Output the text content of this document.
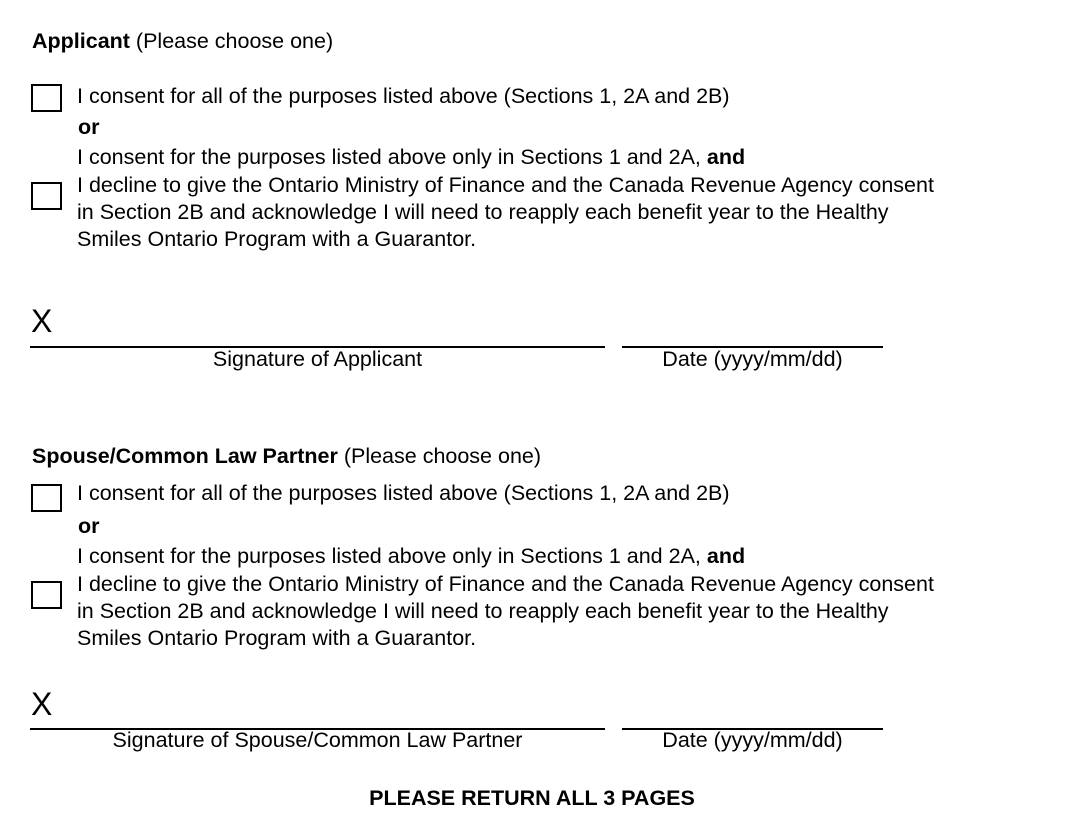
Applicant (Please choose one)
I consent for all of the purposes listed above (Sections 1, 2A and 2B)
or
I consent for the purposes listed above only in Sections 1 and 2A, and
I decline to give the Ontario Ministry of Finance and the Canada Revenue Agency consent
in Section 2B and acknowledge I will need to reapply each benefit year to the Healthy
Smiles Ontario Program with a Guarantor.
X
Signature of Applicant	Date (yyyy/mm/dd)
Spouse/Common Law Partner (Please choose one)
I consent for all of the purposes listed above (Sections 1, 2A and 2B)
or
I consent for the purposes listed above only in Sections 1 and 2A, and
I decline to give the Ontario Ministry of Finance and the Canada Revenue Agency consent
in Section 2B and acknowledge I will need to reapply each benefit year to the Healthy
Smiles Ontario Program with a Guarantor.
X
Signature of Spouse/Common Law Partner	Date (yyyy/mm/dd)
PLEASE RETURN ALL 3 PAGES
